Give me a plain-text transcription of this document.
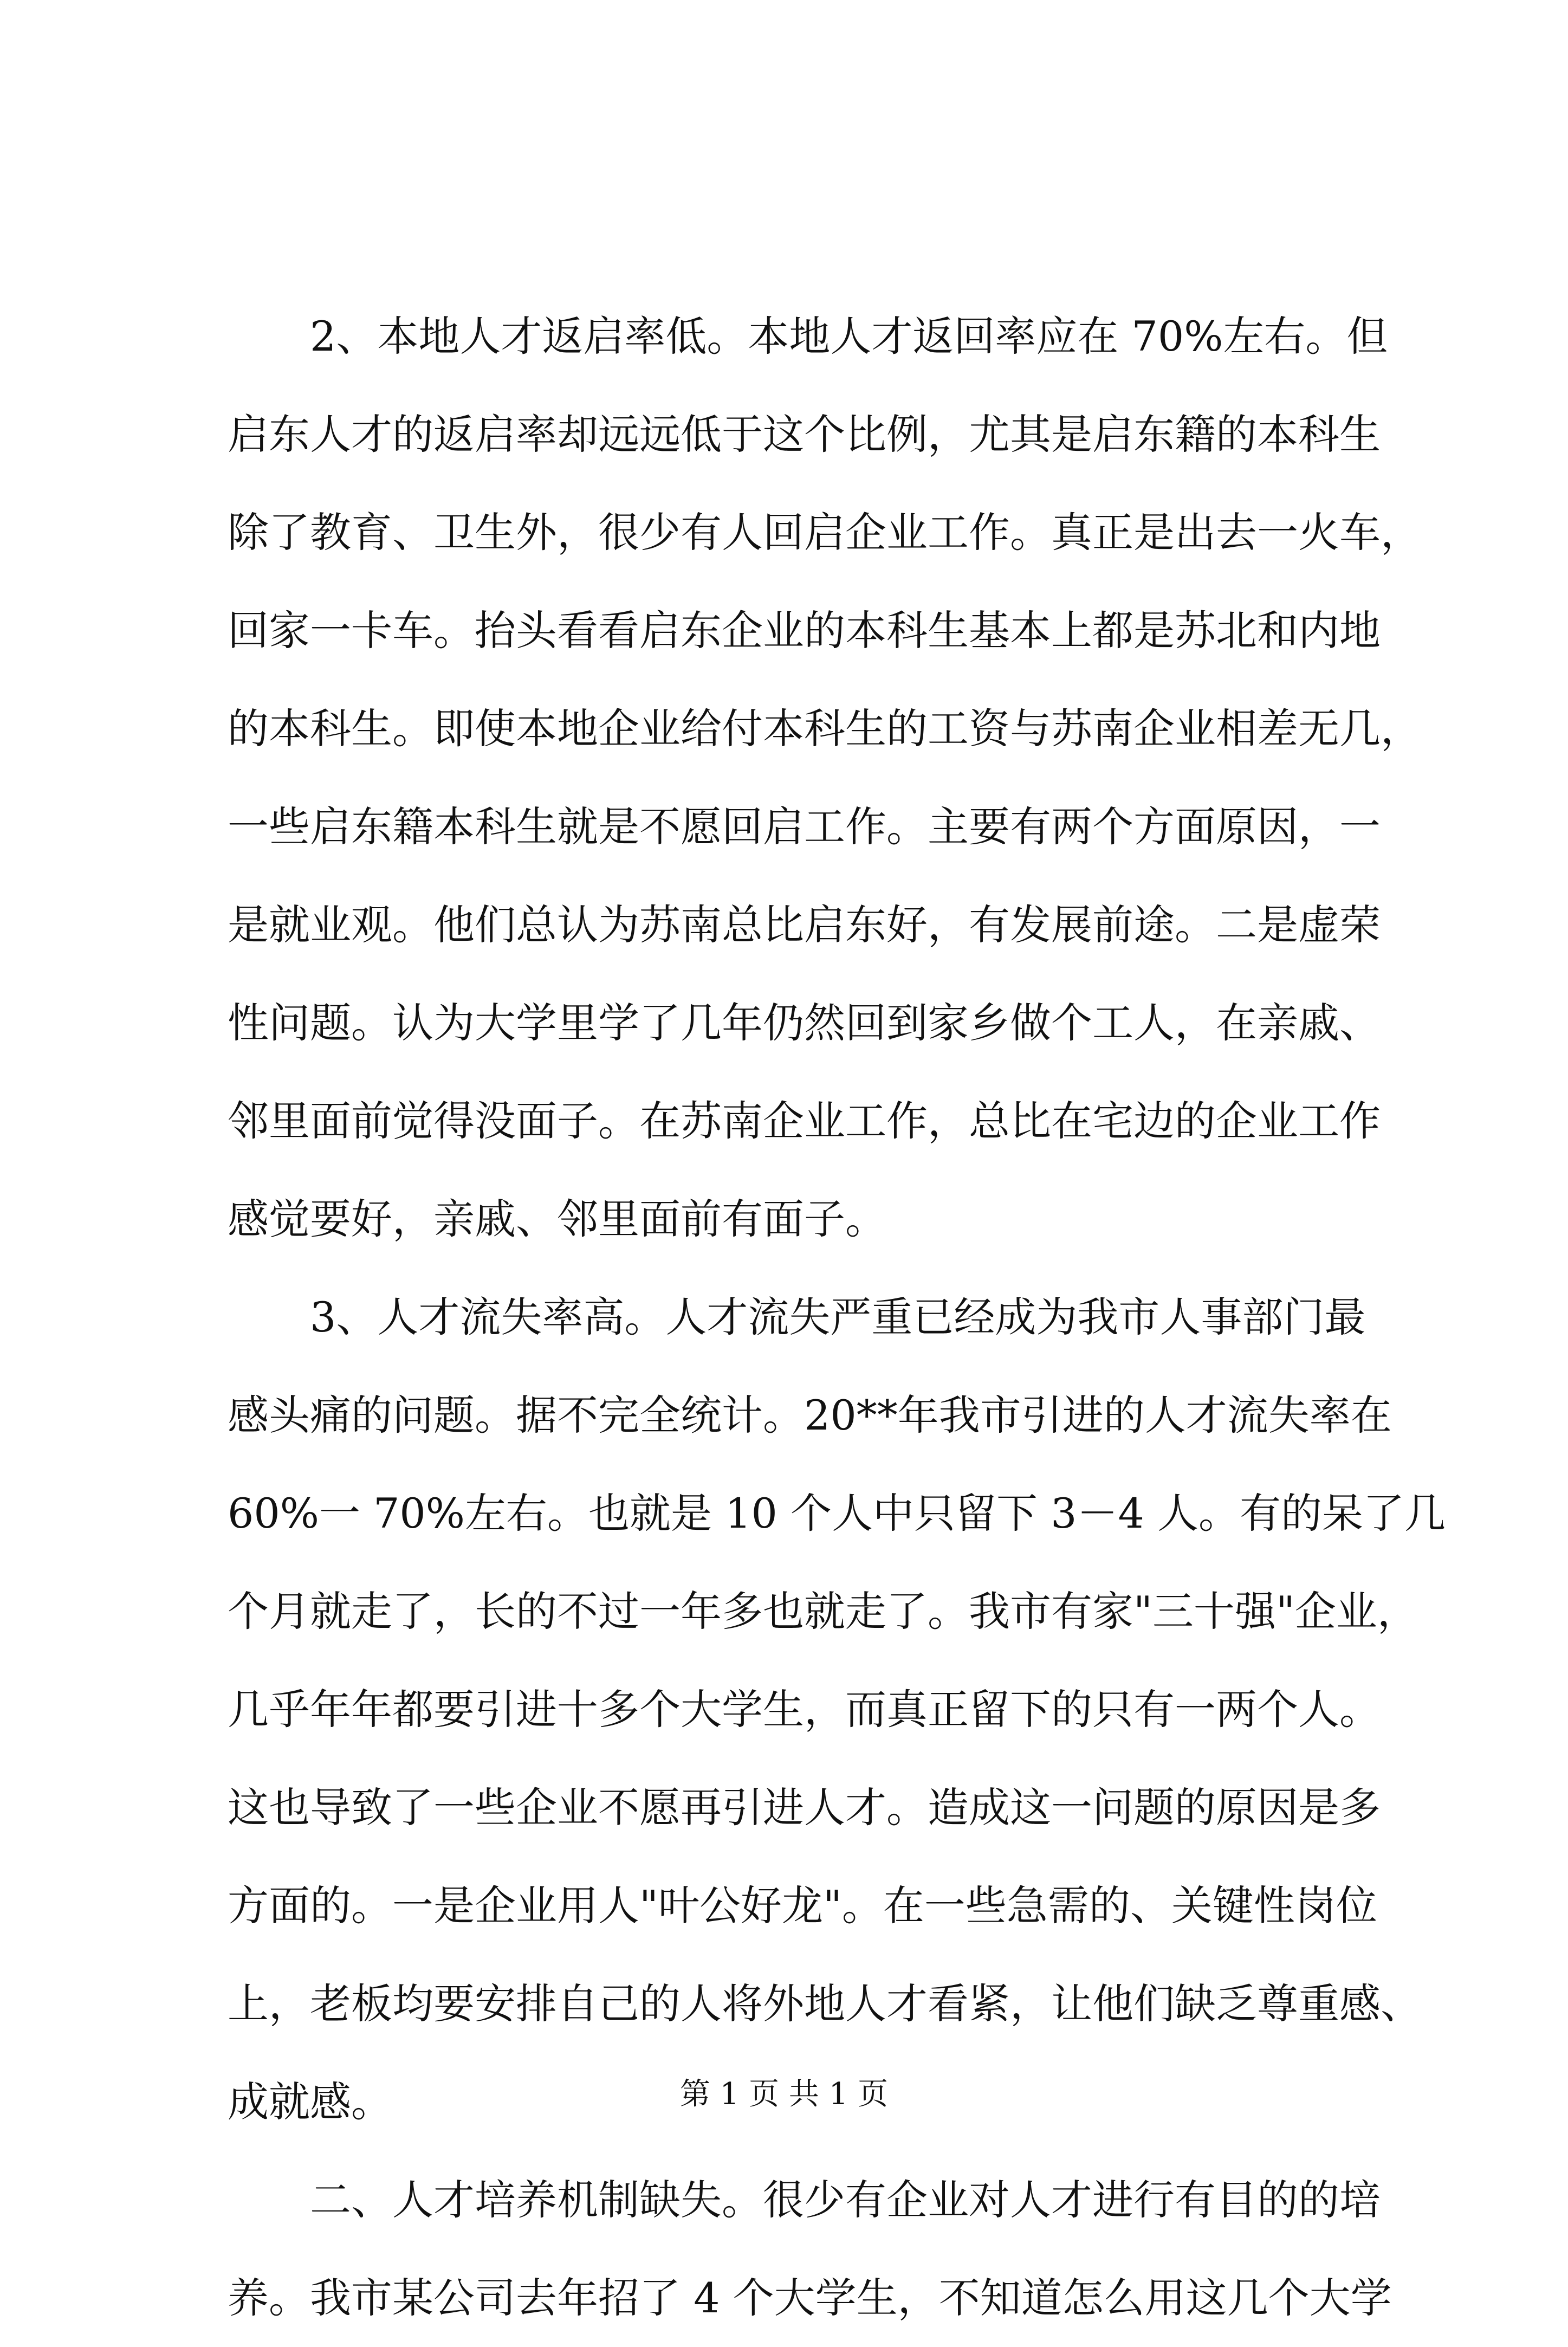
2、本地人才返启率低。本地人才返回率应在 70%左右。但
启东人才的返启率却远远低于这个比例，尤其是启东籍的本科生
除了教育、卫生外，很少有人回启企业工作。真正是出去一火车，
回家一卡车。抬头看看启东企业的本科生基本上都是苏北和内地
的本科生。即使本地企业给付本科生的工资与苏南企业相差无几，
一些启东籍本科生就是不愿回启工作。主要有两个方面原因，一
是就业观。他们总认为苏南总比启东好，有发展前途。二是虚荣
性问题。认为大学里学了几年仍然回到家乡做个工人，在亲戚、
邻里面前觉得没面子。在苏南企业工作，总比在宅边的企业工作
感觉要好，亲戚、邻里面前有面子。
3、人才流失率高。人才流失严重已经成为我市人事部门最
感头痛的问题。据不完全统计。20**年我市引进的人才流失率在
60%一 70%左右。也就是 10 个人中只留下 3－4 人。有的呆了几
个月就走了，长的不过一年多也就走了。我市有家"三十强"企业，
几乎年年都要引进十多个大学生，而真正留下的只有一两个人。
这也导致了一些企业不愿再引进人才。造成这一问题的原因是多
方面的。一是企业用人"叶公好龙"。在一些急需的、关键性岗位
上，老板均要安排自己的人将外地人才看紧，让他们缺乏尊重感、
成就感。
二、人才培养机制缺失。很少有企业对人才进行有目的的培
养。我市某公司去年招了 4 个大学生，不知道怎么用这几个大学
第 1 页 共 1 页
